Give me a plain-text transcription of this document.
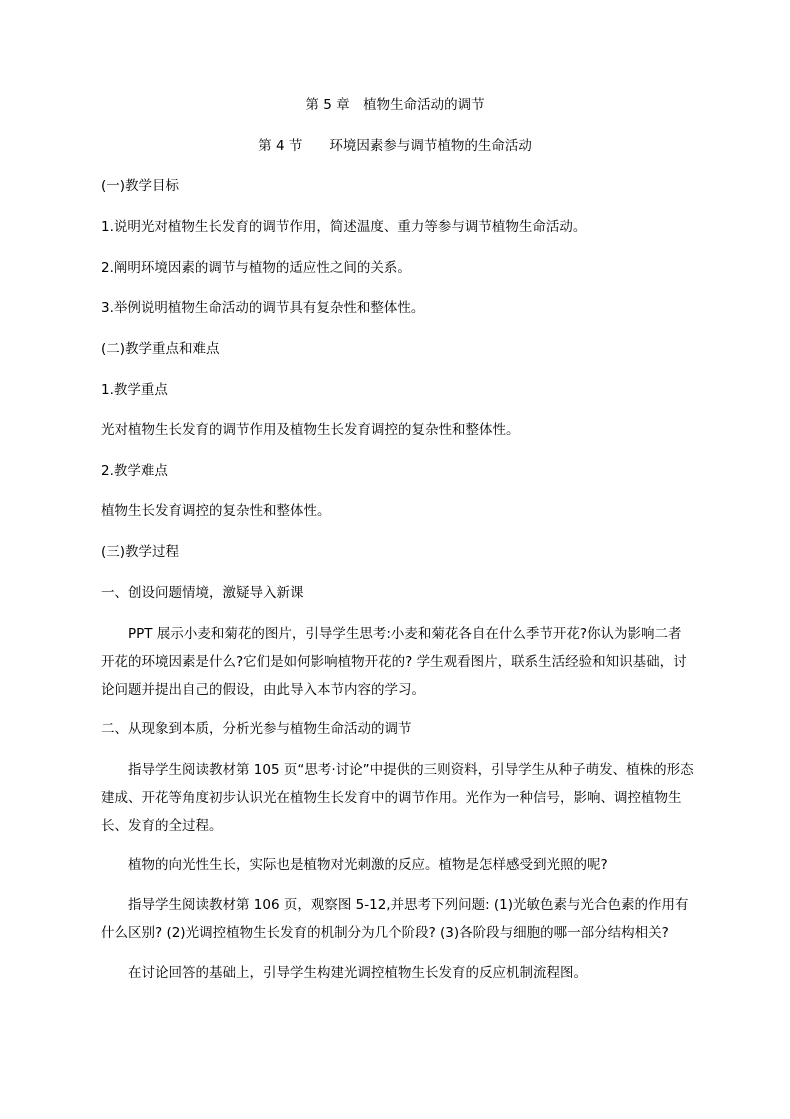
第 5 章　植物生命活动的调节
第 4 节　　环境因素参与调节植物的生命活动
(一)教学目标
1.说明光对植物生长发育的调节作用，简述温度、重力等参与调节植物生命活动。
2.阐明环境因素的调节与植物的适应性之间的关系。
3.举例说明植物生命活动的调节具有复杂性和整体性。
(二)教学重点和难点
1.教学重点
光对植物生长发育的调节作用及植物生长发育调控的复杂性和整体性。
2.教学难点
植物生长发育调控的复杂性和整体性。
(三)教学过程
一、创设问题情境，激疑导入新课
PPT 展示小麦和菊花的图片，引导学生思考:小麦和菊花各自在什么季节开花?你认为影响二者开花的环境因素是什么?它们是如何影响植物开花的? 学生观看图片，联系生活经验和知识基础，讨论问题并提出自己的假设，由此导入本节内容的学习。
二、从现象到本质，分析光参与植物生命活动的调节
指导学生阅读教材第 105 页“思考·讨论”中提供的三则资料，引导学生从种子萌发、植株的形态建成、开花等角度初步认识光在植物生长发育中的调节作用。光作为一种信号，影响、调控植物生长、发育的全过程。
植物的向光性生长，实际也是植物对光刺激的反应。植物是怎样感受到光照的呢?
指导学生阅读教材第 106 页，观察图 5-12,并思考下列问题: (1)光敏色素与光合色素的作用有什么区别? (2)光调控植物生长发育的机制分为几个阶段? (3)各阶段与细胞的哪一部分结构相关?
在讨论回答的基础上，引导学生构建光调控植物生长发育的反应机制流程图。
